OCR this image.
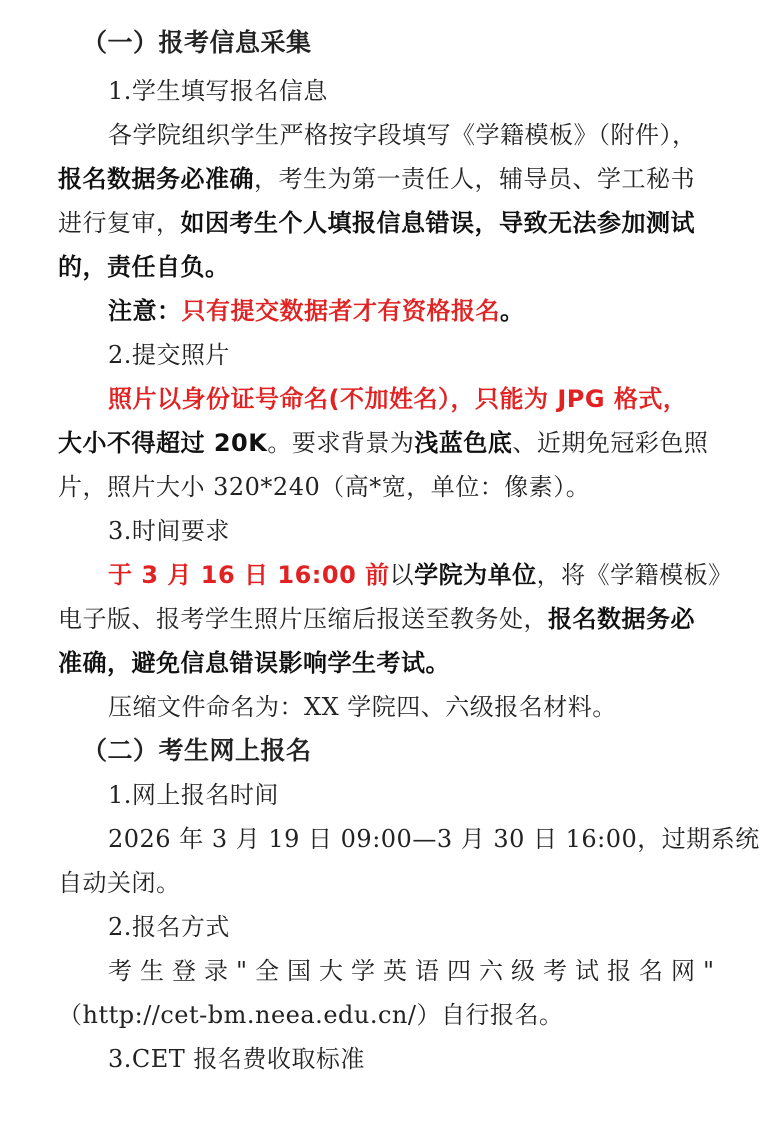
（一）报考信息采集
1.学生填写报名信息
各学院组织学生严格按字段填写《学籍模板》（附件），
报名数据务必准确，考生为第一责任人，辅导员、学工秘书
进行复审，如因考生个人填报信息错误，导致无法参加测试
的，责任自负。
注意：只有提交数据者才有资格报名。
2.提交照片
照片以身份证号命名(不加姓名），只能为 JPG 格式，
大小不得超过 20K。要求背景为浅蓝色底、近期免冠彩色照
片，照片大小 320*240（高*宽，单位：像素）。
3.时间要求
于 3 月 16 日 16:00 前以学院为单位，将《学籍模板》
电子版、报考学生照片压缩后报送至教务处，报名数据务必
准确，避免信息错误影响学生考试。
压缩文件命名为：XX 学院四、六级报名材料。
（二）考生网上报名
1.网上报名时间
2026 年 3 月 19 日 09:00—3 月 30 日 16:00，过期系统
自动关闭。
2.报名方式
考生登录"全国大学英语四六级考试报名网"
（http://cet-bm.neea.edu.cn/）自行报名。
3.CET 报名费收取标准
